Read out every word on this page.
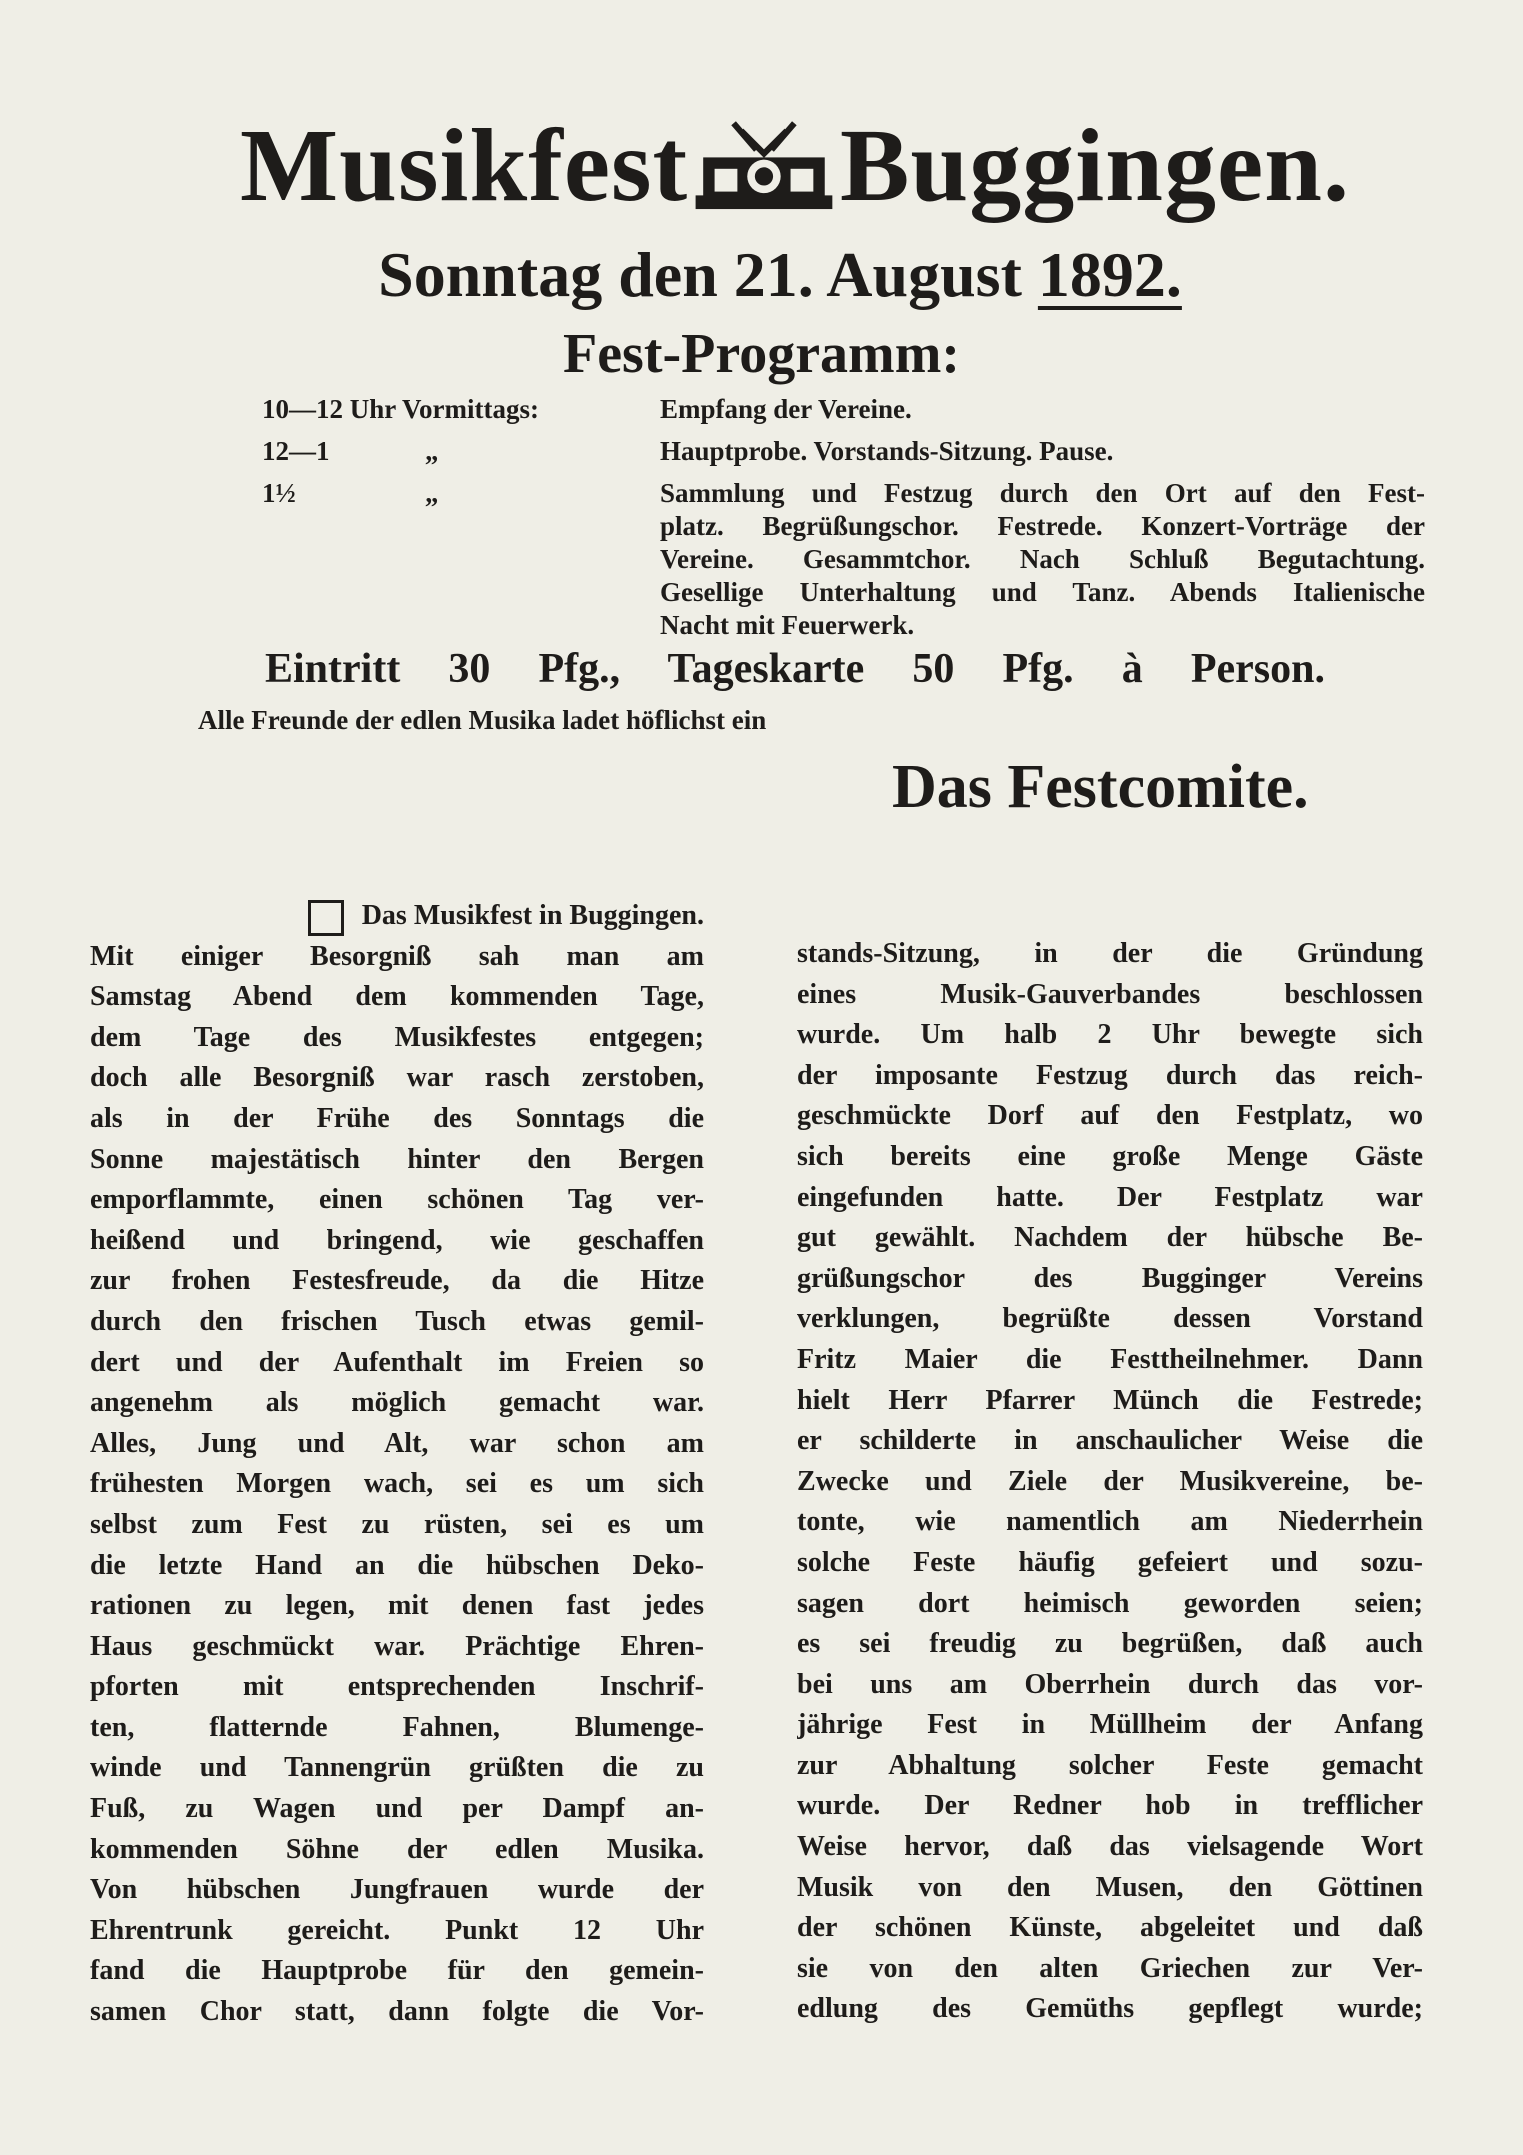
Musikfest Buggingen.
Sonntag den 21. August 1892.
Fest-Programm:
10—12 Uhr Vormittags:	Empfang der Vereine.
12—1	„	Hauptprobe. Vorstands-Sitzung. Pause.
1½	„	Sammlung und Festzug durch den Ort auf den Fest-
platz. Begrüßungschor. Festrede. Konzert-Vorträge der
Vereine. Gesammtchor. Nach Schluß Begutachtung.
Gesellige Unterhaltung und Tanz. Abends Italienische
Nacht mit Feuerwerk.
Eintritt 30 Pfg., Tageskarte 50 Pfg. à Person.
Alle Freunde der edlen Musika ladet höflichst ein
Das Festcomite.
Das Musikfest in Buggingen.
Mit einiger Besorgniß sah man am
Samstag Abend dem kommenden Tage,
dem Tage des Musikfestes entgegen;
doch alle Besorgniß war rasch zerstoben,
als in der Frühe des Sonntags die
Sonne majestätisch hinter den Bergen
emporflammte, einen schönen Tag ver-
heißend und bringend, wie geschaffen
zur frohen Festesfreude, da die Hitze
durch den frischen Tusch etwas gemil-
dert und der Aufenthalt im Freien so
angenehm als möglich gemacht war.
Alles, Jung und Alt, war schon am
frühesten Morgen wach, sei es um sich
selbst zum Fest zu rüsten, sei es um
die letzte Hand an die hübschen Deko-
rationen zu legen, mit denen fast jedes
Haus geschmückt war. Prächtige Ehren-
pforten mit entsprechenden Inschrif-
ten, flatternde Fahnen, Blumenge-
winde und Tannengrün grüßten die zu
Fuß, zu Wagen und per Dampf an-
kommenden Söhne der edlen Musika.
Von hübschen Jungfrauen wurde der
Ehrentrunk gereicht. Punkt 12 Uhr
fand die Hauptprobe für den gemein-
samen Chor statt, dann folgte die Vor-
stands-Sitzung, in der die Gründung
eines Musik-Gauverbandes beschlossen
wurde. Um halb 2 Uhr bewegte sich
der imposante Festzug durch das reich-
geschmückte Dorf auf den Festplatz, wo
sich bereits eine große Menge Gäste
eingefunden hatte. Der Festplatz war
gut gewählt. Nachdem der hübsche Be-
grüßungschor des Bugginger Vereins
verklungen, begrüßte dessen Vorstand
Fritz Maier die Festtheilnehmer. Dann
hielt Herr Pfarrer Münch die Festrede;
er schilderte in anschaulicher Weise die
Zwecke und Ziele der Musikvereine, be-
tonte, wie namentlich am Niederrhein
solche Feste häufig gefeiert und sozu-
sagen dort heimisch geworden seien;
es sei freudig zu begrüßen, daß auch
bei uns am Oberrhein durch das vor-
jährige Fest in Müllheim der Anfang
zur Abhaltung solcher Feste gemacht
wurde. Der Redner hob in trefflicher
Weise hervor, daß das vielsagende Wort
Musik von den Musen, den Göttinen
der schönen Künste, abgeleitet und daß
sie von den alten Griechen zur Ver-
edlung des Gemüths gepflegt wurde;
